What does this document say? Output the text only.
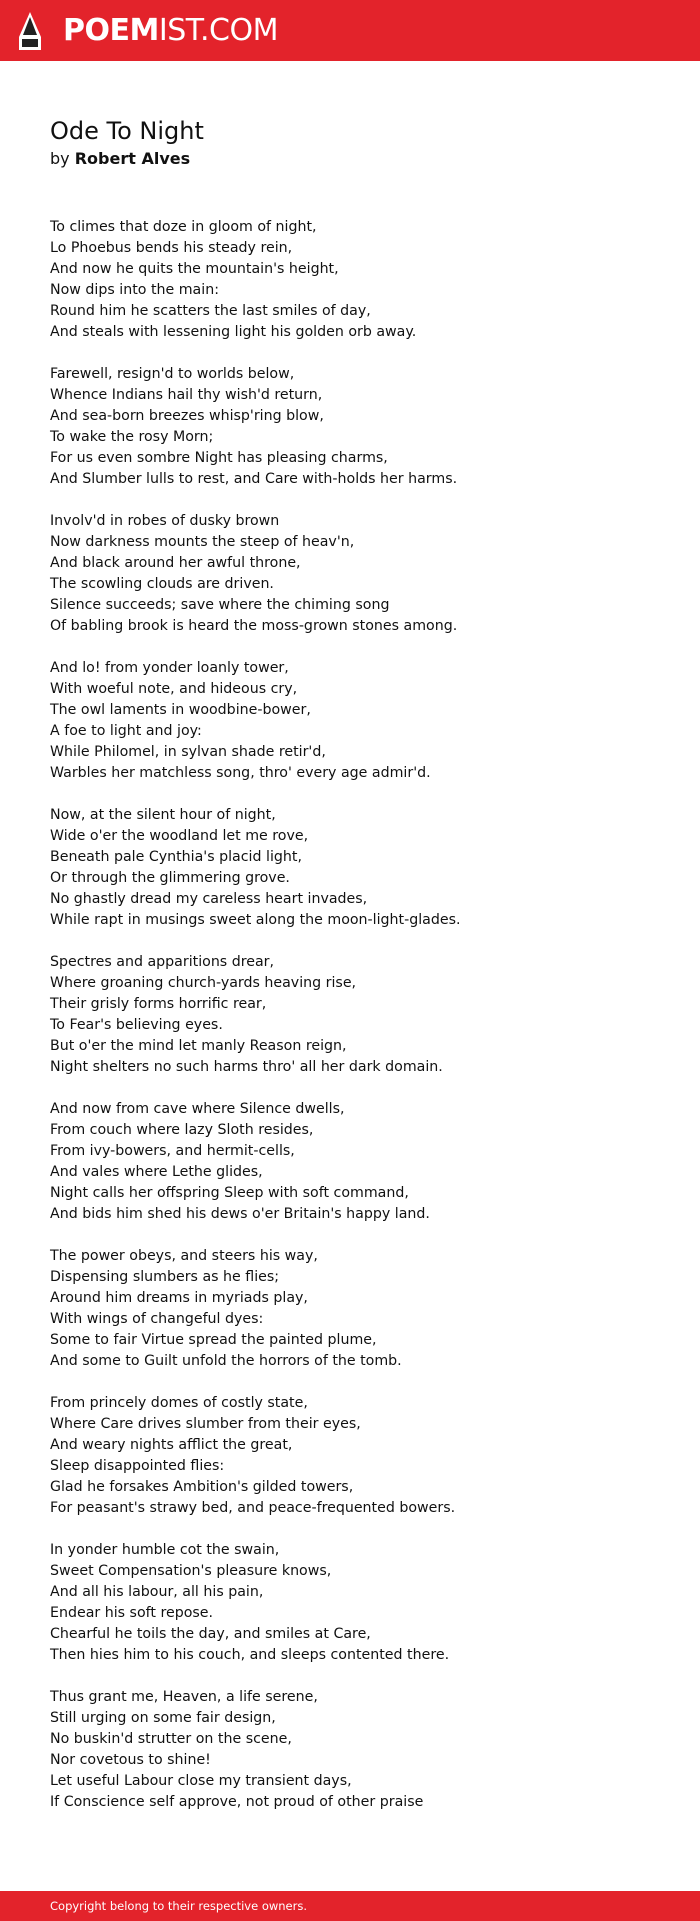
POEMIST.COM
Ode To Night
by Robert Alves
To climes that doze in gloom of night,
Lo Phoebus bends his steady rein,
And now he quits the mountain's height,
Now dips into the main:
Round him he scatters the last smiles of day,
And steals with lessening light his golden orb away.
Farewell, resign'd to worlds below,
Whence Indians hail thy wish'd return,
And sea-born breezes whisp'ring blow,
To wake the rosy Morn;
For us even sombre Night has pleasing charms,
And Slumber lulls to rest, and Care with-holds her harms.
Involv'd in robes of dusky brown
Now darkness mounts the steep of heav'n,
And black around her awful throne,
The scowling clouds are driven.
Silence succeeds; save where the chiming song
Of babling brook is heard the moss-grown stones among.
And lo! from yonder loanly tower,
With woeful note, and hideous cry,
The owl laments in woodbine-bower,
A foe to light and joy:
While Philomel, in sylvan shade retir'd,
Warbles her matchless song, thro' every age admir'd.
Now, at the silent hour of night,
Wide o'er the woodland let me rove,
Beneath pale Cynthia's placid light,
Or through the glimmering grove.
No ghastly dread my careless heart invades,
While rapt in musings sweet along the moon-light-glades.
Spectres and apparitions drear,
Where groaning church-yards heaving rise,
Their grisly forms horrific rear,
To Fear's believing eyes.
But o'er the mind let manly Reason reign,
Night shelters no such harms thro' all her dark domain.
And now from cave where Silence dwells,
From couch where lazy Sloth resides,
From ivy-bowers, and hermit-cells,
And vales where Lethe glides,
Night calls her offspring Sleep with soft command,
And bids him shed his dews o'er Britain's happy land.
The power obeys, and steers his way,
Dispensing slumbers as he flies;
Around him dreams in myriads play,
With wings of changeful dyes:
Some to fair Virtue spread the painted plume,
And some to Guilt unfold the horrors of the tomb.
From princely domes of costly state,
Where Care drives slumber from their eyes,
And weary nights afflict the great,
Sleep disappointed flies:
Glad he forsakes Ambition's gilded towers,
For peasant's strawy bed, and peace-frequented bowers.
In yonder humble cot the swain,
Sweet Compensation's pleasure knows,
And all his labour, all his pain,
Endear his soft repose.
Chearful he toils the day, and smiles at Care,
Then hies him to his couch, and sleeps contented there.
Thus grant me, Heaven, a life serene,
Still urging on some fair design,
No buskin'd strutter on the scene,
Nor covetous to shine!
Let useful Labour close my transient days,
If Conscience self approve, not proud of other praise
Copyright belong to their respective owners.
